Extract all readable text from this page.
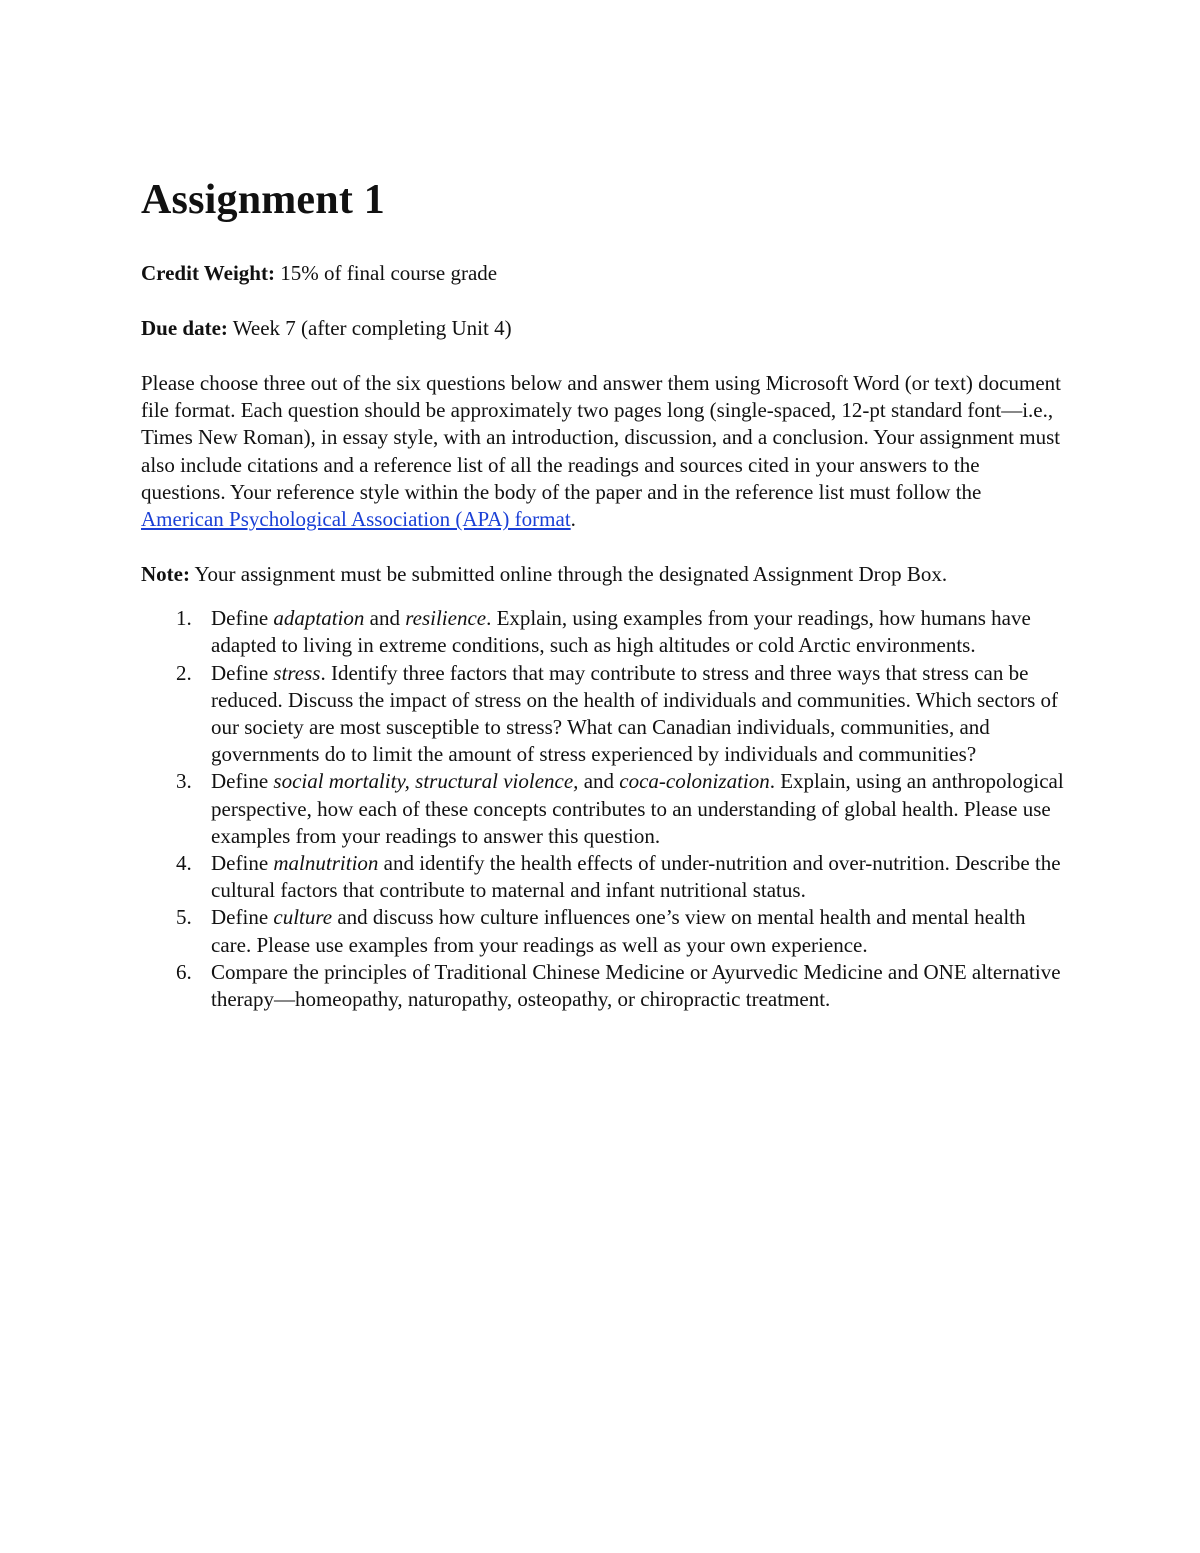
Assignment 1

Credit Weight: 15% of final course grade

Due date: Week 7 (after completing Unit 4)

Please choose three out of the six questions below and answer them using Microsoft Word (or text) document file format. Each question should be approximately two pages long (single-spaced, 12-pt standard font—i.e., Times New Roman), in essay style, with an introduction, discussion, and a conclusion. Your assignment must also include citations and a reference list of all the readings and sources cited in your answers to the questions. Your reference style within the body of the paper and in the reference list must follow the American Psychological Association (APA) format.

Note: Your assignment must be submitted online through the designated Assignment Drop Box.

1. Define adaptation and resilience. Explain, using examples from your readings, how humans have adapted to living in extreme conditions, such as high altitudes or cold Arctic environments.
2. Define stress. Identify three factors that may contribute to stress and three ways that stress can be reduced. Discuss the impact of stress on the health of individuals and communities. Which sectors of our society are most susceptible to stress? What can Canadian individuals, communities, and governments do to limit the amount of stress experienced by individuals and communities?
3. Define social mortality, structural violence, and coca-colonization. Explain, using an anthropological perspective, how each of these concepts contributes to an understanding of global health. Please use examples from your readings to answer this question.
4. Define malnutrition and identify the health effects of under-nutrition and over-nutrition. Describe the cultural factors that contribute to maternal and infant nutritional status.
5. Define culture and discuss how culture influences one’s view on mental health and mental health care. Please use examples from your readings as well as your own experience.
6. Compare the principles of Traditional Chinese Medicine or Ayurvedic Medicine and ONE alternative therapy—homeopathy, naturopathy, osteopathy, or chiropractic treatment.
